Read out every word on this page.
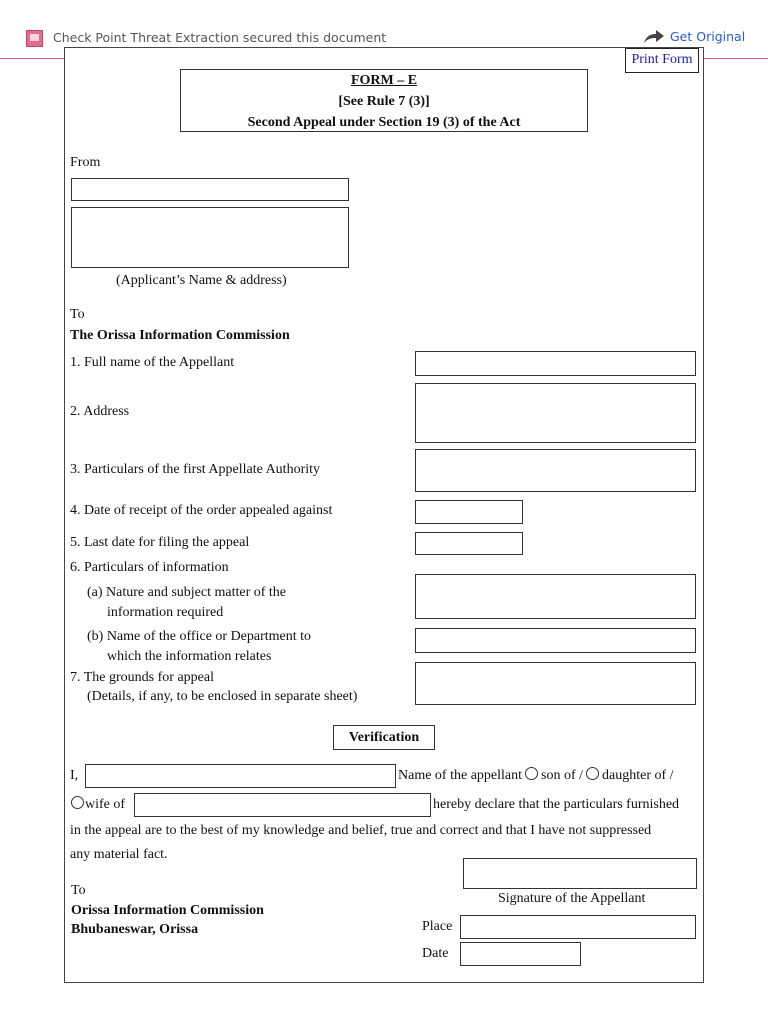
Check Point Threat Extraction secured this document	Get Original
Print Form
FORM – E
[See Rule 7 (3)]
Second Appeal under Section 19 (3) of the Act
From
(Applicant’s Name & address)
To
The Orissa Information Commission
1. Full name of the Appellant
2. Address
3. Particulars of the first Appellate Authority
4. Date of receipt of the order appealed against
5. Last date for filing the appeal
6. Particulars of information
(a) Nature and subject matter of the
information required
(b) Name of the office or Department to
which the information relates
7. The grounds for appeal
(Details, if any, to be enclosed in separate sheet)
Verification
I,	Name of the appellant son of / daughter of /
wife of	hereby declare that the particulars furnished
in the appeal are to the best of my knowledge and belief, true and correct and that I have not suppressed
any material fact.
Signature of the Appellant
To
Orissa Information Commission
Bhubaneswar, Orissa	Place
Date
